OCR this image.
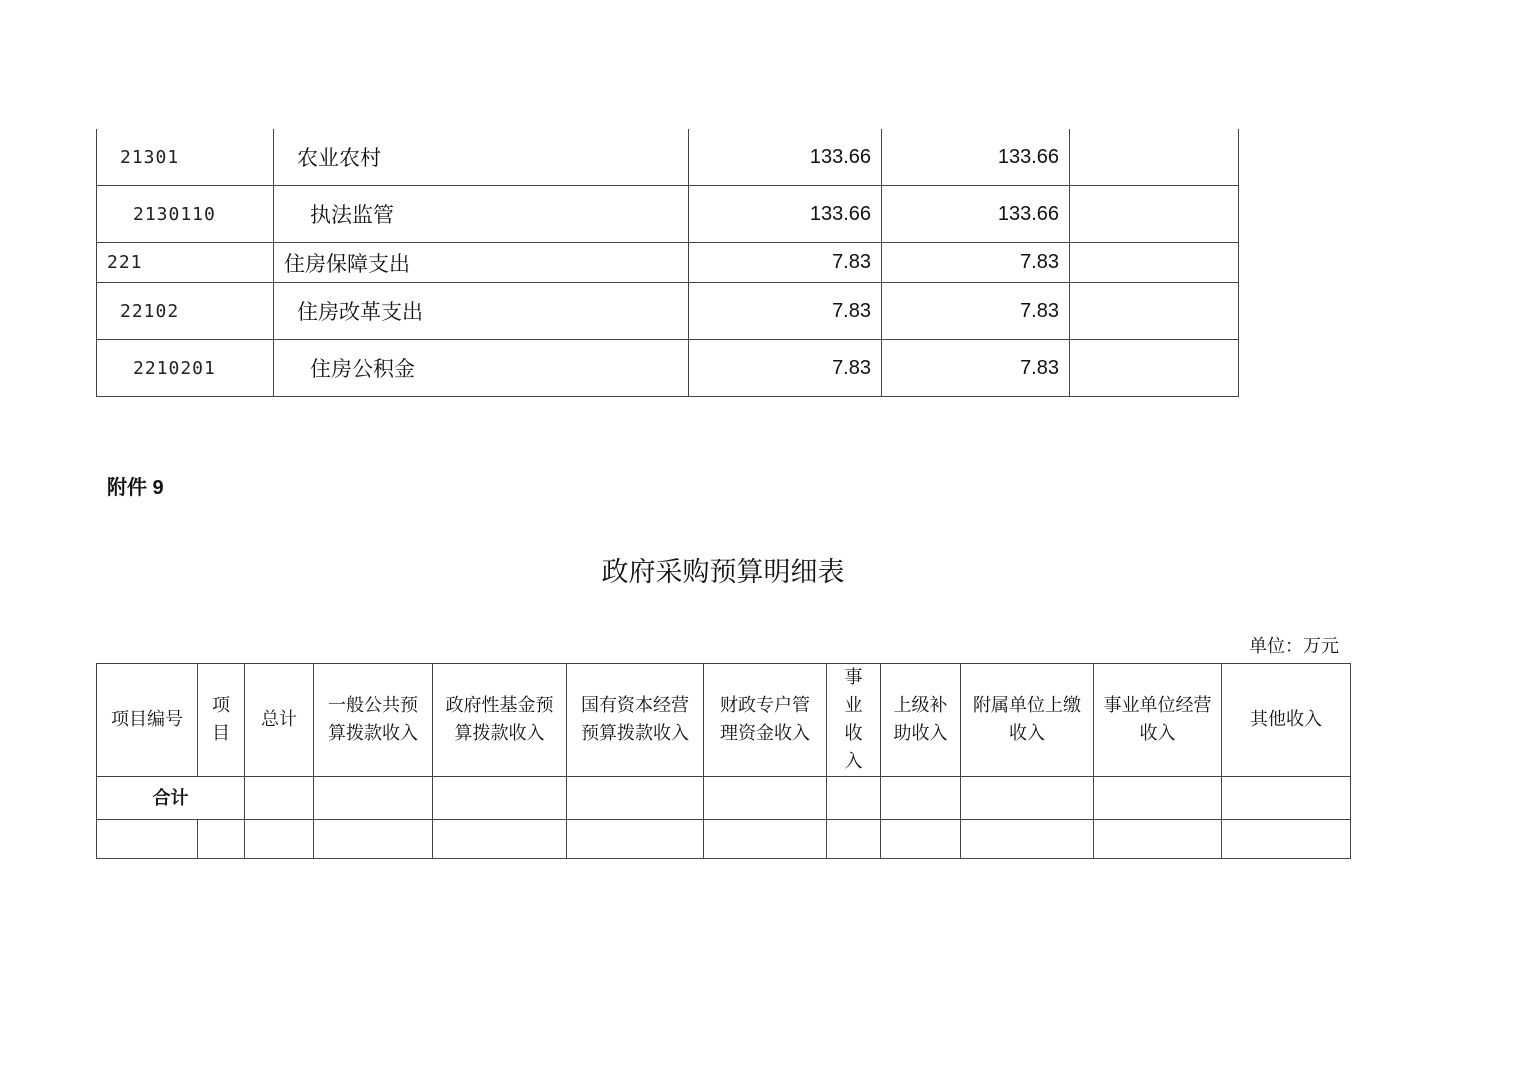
21301	农业农村	133.66	133.66	
2130110	执法监管	133.66	133.66	
221	住房保障支出	7.83	7.83	
22102	住房改革支出	7.83	7.83	
2210201	住房公积金	7.83	7.83	
附件 9
政府采购预算明细表
单位：万元
项目编号	项目	总计	一般公共预算拨款收入	政府性基金预算拨款收入	国有资本经营预算拨款收入	财政专户管理资金收入	事业收入	上级补助收入	附属单位上缴收入	事业单位经营收入	其他收入
合计											
